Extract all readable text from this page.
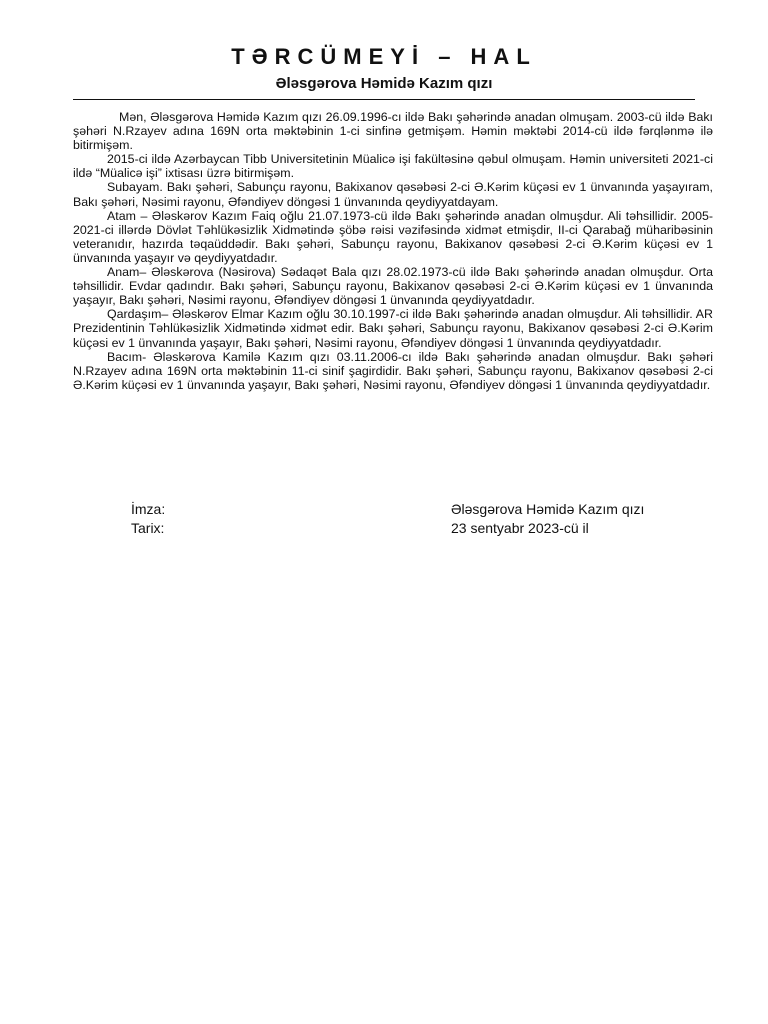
TƏRCÜMEYİ – HAL
Ələsgərova Həmidə Kazım qızı

Mən, Ələsgərova Həmidə Kazım qızı 26.09.1996-cı ildə Bakı şəhərində anadan olmuşam. 2003-cü ildə Bakı şəhəri N.Rzayev adına 169N orta məktəbinin 1-ci sinfinə getmişəm. Həmin məktəbi 2014-cü ildə fərqlənmə ilə bitirmişəm.

2015-ci ildə Azərbaycan Tibb Universitetinin Müalicə işi fakültəsinə qəbul olmuşam. Həmin universiteti 2021-ci ildə “Müalicə işi” ixtisası üzrə bitirmişəm.

Subayam. Bakı şəhəri, Sabunçu rayonu, Bakixanov qəsəbəsi 2-ci Ə.Kərim küçəsi ev 1 ünvanında yaşayıram, Bakı şəhəri, Nəsimi rayonu, Əfəndiyev döngəsi 1 ünvanında qeydiyyatdayam.

Atam – Ələskərov Kazım Faiq oğlu 21.07.1973-cü ildə Bakı şəhərində anadan olmuşdur. Ali təhsillidir. 2005-2021-ci illərdə Dövlət Təhlükəsizlik Xidmətində şöbə rəisi vəzifəsində xidmət etmişdir, II-ci Qarabağ müharibəsinin veteranıdır, hazırda təqaüddədir. Bakı şəhəri, Sabunçu rayonu, Bakixanov qəsəbəsi 2-ci Ə.Kərim küçəsi ev 1 ünvanında yaşayır və qeydiyyatdadır.

Anam– Ələskərova (Nəsirova) Sədaqət Bala qızı 28.02.1973-cü ildə Bakı şəhərində anadan olmuşdur. Orta təhsillidir. Evdar qadındır. Bakı şəhəri, Sabunçu rayonu, Bakixanov qəsəbəsi 2-ci Ə.Kərim küçəsi ev 1 ünvanında yaşayır, Bakı şəhəri, Nəsimi rayonu, Əfəndiyev döngəsi 1 ünvanında qeydiyyatdadır.

Qardaşım– Ələskərov Elmar Kazım oğlu 30.10.1997-ci ildə Bakı şəhərində anadan olmuşdur. Ali təhsillidir. AR Prezidentinin Təhlükəsizlik Xidmətində xidmət edir. Bakı şəhəri, Sabunçu rayonu, Bakixanov qəsəbəsi 2-ci Ə.Kərim küçəsi ev 1 ünvanında yaşayır, Bakı şəhəri, Nəsimi rayonu, Əfəndiyev döngəsi 1 ünvanında qeydiyyatdadır.

Bacım- Ələskərova Kamilə Kazım qızı 03.11.2006-cı ildə Bakı şəhərində anadan olmuşdur. Bakı şəhəri N.Rzayev adına 169N orta məktəbinin 11-ci sinif şagirdidir. Bakı şəhəri, Sabunçu rayonu, Bakixanov qəsəbəsi 2-ci Ə.Kərim küçəsi ev 1 ünvanında yaşayır, Bakı şəhəri, Nəsimi rayonu, Əfəndiyev döngəsi 1 ünvanında qeydiyyatdadır.

İmza:	Ələsgərova Həmidə Kazım qızı
Tarix:	23 sentyabr 2023-cü il
